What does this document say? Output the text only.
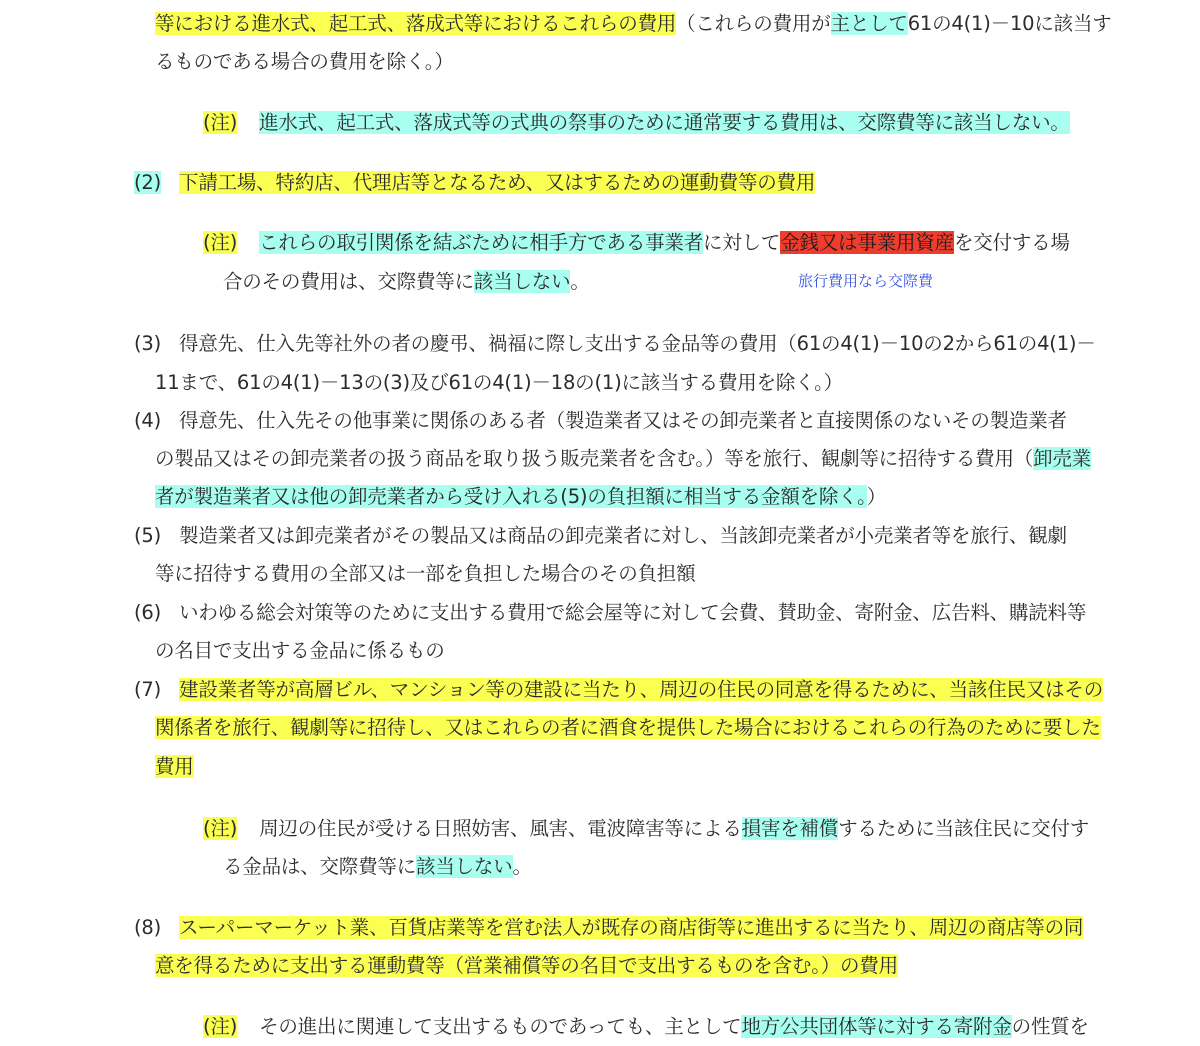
等における進水式、起工式、落成式等におけるこれらの費用（これらの費用が主として61の4(1)－10に該当す
るものである場合の費用を除く。）
(注) 進水式、起工式、落成式等の式典の祭事のために通常要する費用は、交際費等に該当しない。
(2) 下請工場、特約店、代理店等となるため、又はするための運動費等の費用
(注) これらの取引関係を結ぶために相手方である事業者に対して金銭又は事業用資産を交付する場
合のその費用は、交際費等に該当しない。	旅行費用なら交際費
(3) 得意先、仕入先等社外の者の慶弔、禍福に際し支出する金品等の費用（61の4(1)－10の2から61の4(1)－
11まで、61の4(1)－13の(3)及び61の4(1)－18の(1)に該当する費用を除く。）
(4) 得意先、仕入先その他事業に関係のある者（製造業者又はその卸売業者と直接関係のないその製造業者
の製品又はその卸売業者の扱う商品を取り扱う販売業者を含む。）等を旅行、観劇等に招待する費用（卸売業
者が製造業者又は他の卸売業者から受け入れる(5)の負担額に相当する金額を除く。）
(5) 製造業者又は卸売業者がその製品又は商品の卸売業者に対し、当該卸売業者が小売業者等を旅行、観劇
等に招待する費用の全部又は一部を負担した場合のその負担額
(6) いわゆる総会対策等のために支出する費用で総会屋等に対して会費、賛助金、寄附金、広告料、購読料等
の名目で支出する金品に係るもの
(7) 建設業者等が高層ビル、マンション等の建設に当たり、周辺の住民の同意を得るために、当該住民又はその
関係者を旅行、観劇等に招待し、又はこれらの者に酒食を提供した場合におけるこれらの行為のために要した
費用
(注) 周辺の住民が受ける日照妨害、風害、電波障害等による損害を補償するために当該住民に交付す
る金品は、交際費等に該当しない。
(8) スーパーマーケット業、百貨店業等を営む法人が既存の商店街等に進出するに当たり、周辺の商店等の同
意を得るために支出する運動費等（営業補償等の名目で支出するものを含む。）の費用
(注) その進出に関連して支出するものであっても、主として地方公共団体等に対する寄附金の性質を
